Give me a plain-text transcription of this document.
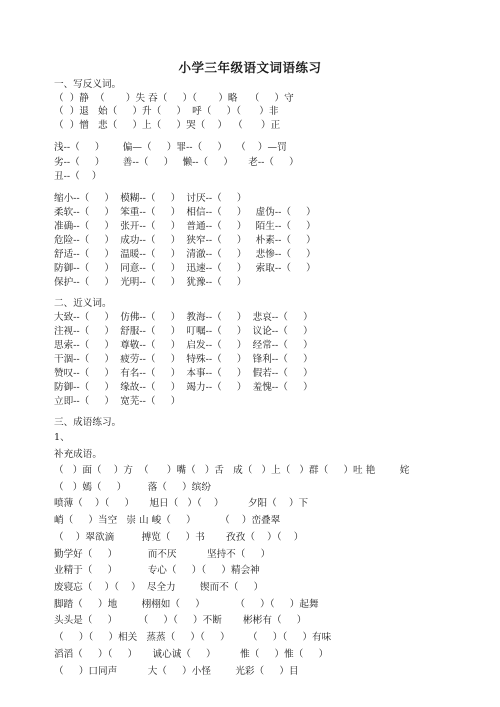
小学三年级语文词语练习
一、写反义词。
（  ）静  （       ）失 吞（     ）（       ）略    （     ）守
（  ）退   始（     ）升（     ）  呼（     ）（      ）非
（  ）憎   悲（     ）上（     ）哭（    ）  （      ）正
浅--（     ）      偏—（     ）罪--（     ）   （    ）—罚
劣--（     ）      善--（     ）   懒--（     ）     老--（     ）
丑--（    ）
缩小--（     ）  模糊--（     ）  讨厌--（     ）
柔软--（     ）  笨重--（     ）  相信--（     ）   虚伪--（     ）
准确--（     ）  张开--（     ）  普通--（     ）   陌生--（     ）
危险--（     ）  成功--（     ）  狭窄--（     ）   朴素--（     ）
舒适--（     ）  温暖--（     ）  清澈--（     ）   悲惨--（     ）
防御--（     ）  同意--（     ）  迅速--（     ）   索取--（     ）
保护--（     ）  光明--（     ）  犹豫--（     ）
二、近义词。
大致--（     ）  仿佛--（     ）  教海--（     ）  悲哀--（     ）
注视--（     ）  舒服--（     ）  叮嘱--（     ）  议论--（     ）
思索--（     ）  尊敬--（     ）  启发--（     ）  经常--（     ）
干涸--（     ）  疲劳--（     ）  特殊--（     ）  锋利--（     ）
赞叹--（     ）  有名--（     ）  本事--（     ）  假若--（     ）
防御--（     ）  缘故--（     ）  竭力--（     ）  羞愧--（     ）
立即--（     ）  宽芜--（     ）
三、成语练习。
1、
补充成语。
（   ）面（    ）方  （      ）嘴（   ）舌   成（   ）上（   ）群（     ）吐 艳        姹
（   ）嫣（     ）       落（     ）缤纷
喷薄（    ）（     ）     旭日（   ）（    ）        夕阳（    ）下
峭（     ）当空   崇 山 峻（     ）        （    ）峦叠翠
（    ）翠欲滴         搏览（     ）书       孜孜（    ）（    ）
勤学好（     ）          而不厌          坚持不（     ）
业精于（     ）          专心（     ）（     ）精会神
废寝忘（    ）（    ）  尽全力        锲而不（     ）
脚踏（     ）地        栩栩如（     ）          （     ）（     ）起舞
头头是（     ）       （     ）（     ）不断       彬彬有（     ）
（     ）（     ）相关   蒸蒸（     ）（     ）      （     ）（     ）有味
滔滔（     ）（     ）     诚心诚（     ）        惟（     ）惟（     ）
（     ）口同声          大（     ）小怪        光彩（     ）目
